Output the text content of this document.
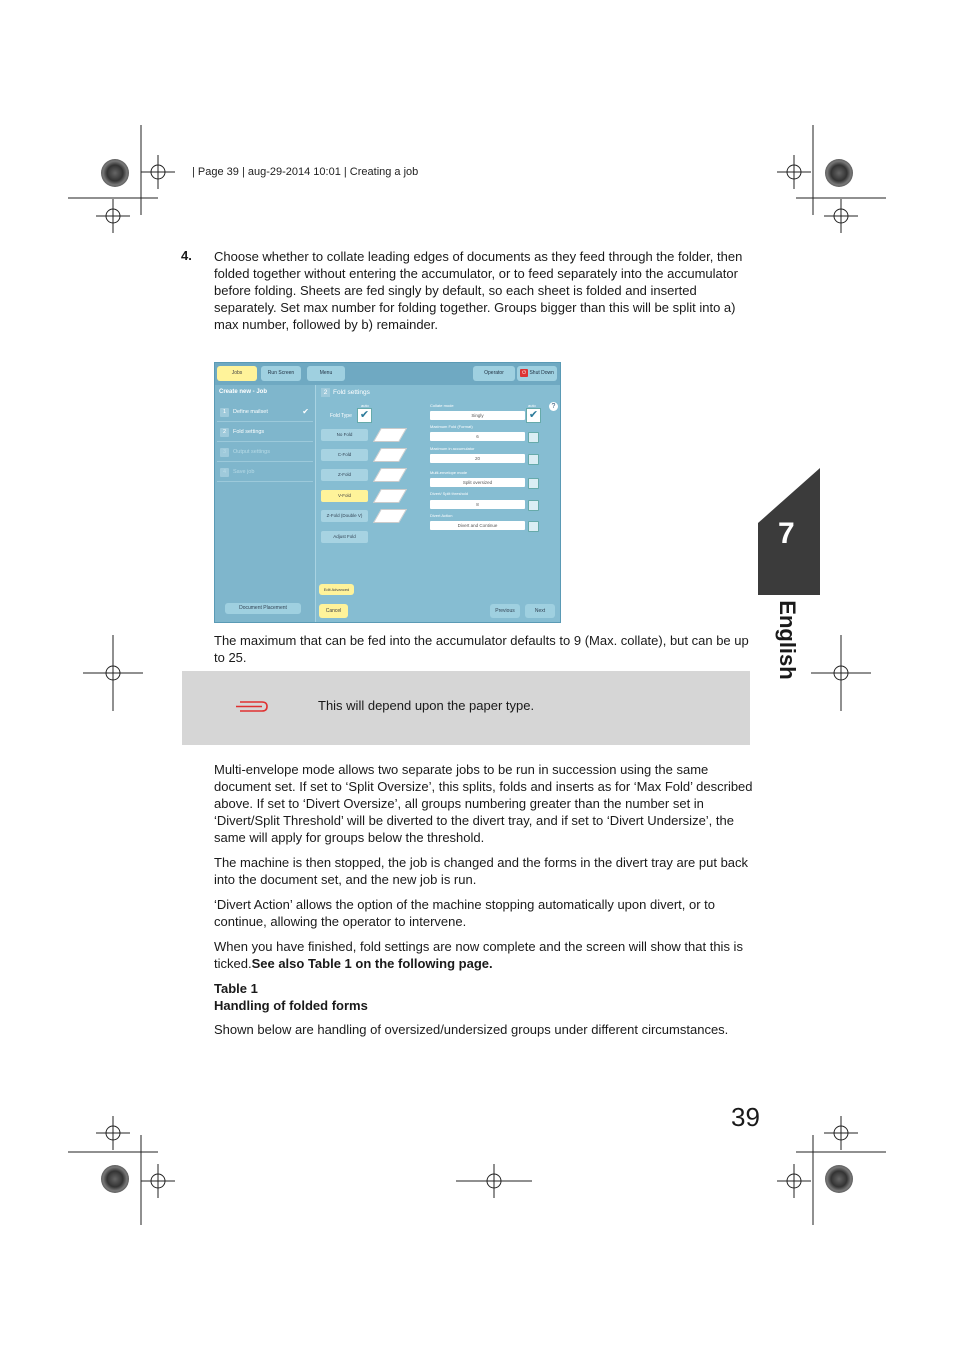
| Page 39 | aug-29-2014 10:01 | Creating a job
4. Choose whether to collate leading edges of documents as they feed through the folder, then folded together without entering the accumulator, or to feed separately into the accumulator before folding. Sheets are fed singly by default, so each sheet is folded and inserted separately. Set max number for folding together. Groups bigger than this will be split into a) max number, followed by b) remainder.
Jobs	Run Screen	Menu	Operator	⏻ Shut Down
Create new - Job
1 Define mailset	✔
2 Fold settings
3 Output settings
4 Save job
2 Fold settings
auto
Fold Type ✔
No Fold
C-Fold
Z-Fold
V-Fold
Z-Fold (Double V)
Adjust Fold
auto
✔
?
Collate mode
Singly
Maximum Fold (Format)
6
Maximum in accumulator
20
Multi-envelope mode
Split oversized
Divert/ Split threshold
8
Divert Action
Divert and Continue
Edit Advanced
Document Placement	Cancel	Previous	Next
The maximum that can be fed into the accumulator defaults to 9 (Max. collate), but can be up to 25.
This will depend upon the paper type.

Multi-envelope mode allows two separate jobs to be run in succession using the same document set. If set to ‘Split Oversize’, this splits, folds and inserts as for ‘Max Fold’ described above. If set to ‘Divert Oversize’, all groups numbering greater than the number set in ‘Divert/Split Threshold’ will be diverted to the divert tray, and if set to ‘Divert Undersize’, the same will apply for groups below the threshold.

The machine is then stopped, the job is changed and the forms in the divert tray are put back into the document set, and the new job is run.

‘Divert Action’ allows the option of the machine stopping automatically upon divert, or to continue, allowing the operator to intervene.

When you have finished, fold settings are now complete and the screen will show that this is ticked.See also Table 1 on the following page.

Table 1
Handling of folded forms

Shown below are handling of oversized/undersized groups under different circumstances.

7
English
39
